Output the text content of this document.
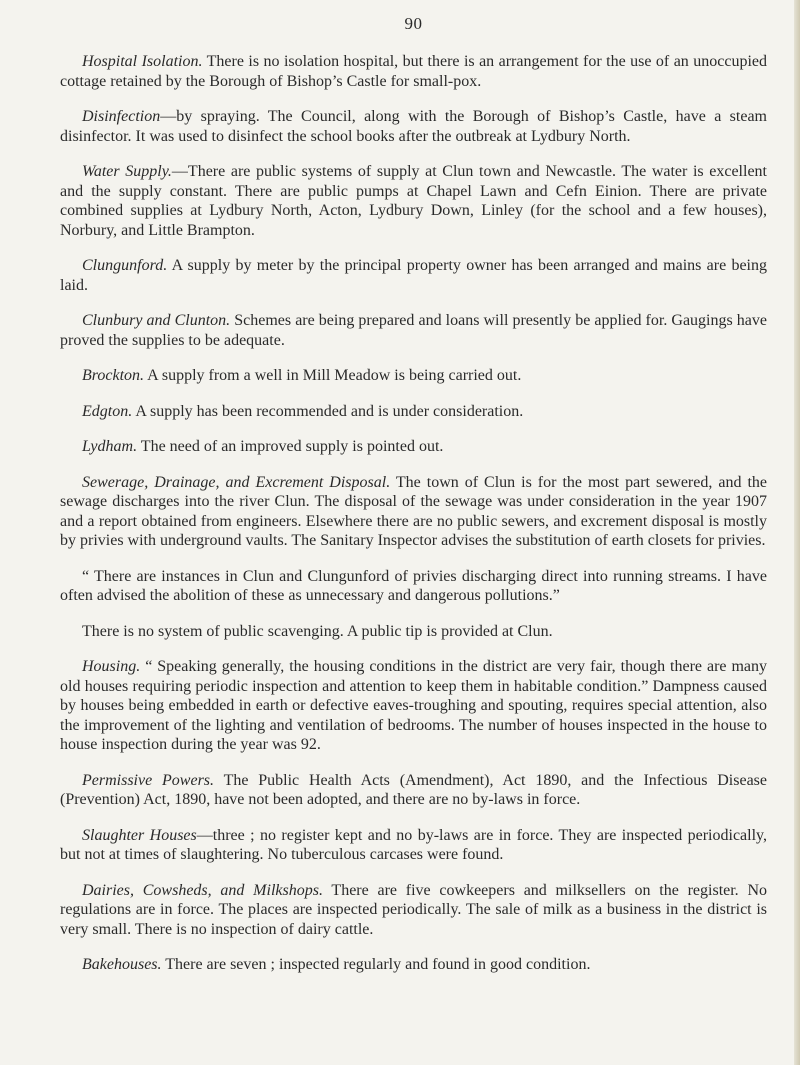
90

Hospital Isolation. There is no isolation hospital, but there is an arrangement for the use of an unoccupied cottage retained by the Borough of Bishop’s Castle for small-pox.

Disinfection—by spraying. The Council, along with the Borough of Bishop’s Castle, have a steam disinfector. It was used to disinfect the school books after the outbreak at Lydbury North.

Water Supply.—There are public systems of supply at Clun town and Newcastle. The water is excellent and the supply constant. There are public pumps at Chapel Lawn and Cefn Einion. There are private combined supplies at Lydbury North, Acton, Lydbury Down, Linley (for the school and a few houses), Norbury, and Little Brampton.

Clungunford. A supply by meter by the principal property owner has been arranged and mains are being laid.

Clunbury and Clunton. Schemes are being prepared and loans will presently be applied for. Gaugings have proved the supplies to be adequate.

Brockton. A supply from a well in Mill Meadow is being carried out.

Edgton. A supply has been recommended and is under consideration.

Lydham. The need of an improved supply is pointed out.

Sewerage, Drainage, and Excrement Disposal. The town of Clun is for the most part sewered, and the sewage discharges into the river Clun. The disposal of the sewage was under consideration in the year 1907 and a report obtained from engineers. Elsewhere there are no public sewers, and excrement disposal is mostly by privies with underground vaults. The Sanitary Inspector advises the substitution of earth closets for privies.

“ There are instances in Clun and Clungunford of privies discharging direct into running streams. I have often advised the abolition of these as unnecessary and dangerous pollutions.”

There is no system of public scavenging. A public tip is provided at Clun.

Housing. “ Speaking generally, the housing conditions in the district are very fair, though there are many old houses requiring periodic inspection and attention to keep them in habitable condition.” Dampness caused by houses being embedded in earth or defective eaves-troughing and spouting, requires special attention, also the improvement of the lighting and ventilation of bedrooms. The number of houses inspected in the house to house inspection during the year was 92.

Permissive Powers. The Public Health Acts (Amendment), Act 1890, and the Infectious Disease (Prevention) Act, 1890, have not been adopted, and there are no by-laws in force.

Slaughter Houses—three ; no register kept and no by-laws are in force. They are inspected periodically, but not at times of slaughtering. No tuberculous carcases were found.

Dairies, Cowsheds, and Milkshops. There are five cowkeepers and milksellers on the register. No regulations are in force. The places are inspected periodically. The sale of milk as a business in the district is very small. There is no inspection of dairy cattle.

Bakehouses. There are seven ; inspected regularly and found in good condition.
